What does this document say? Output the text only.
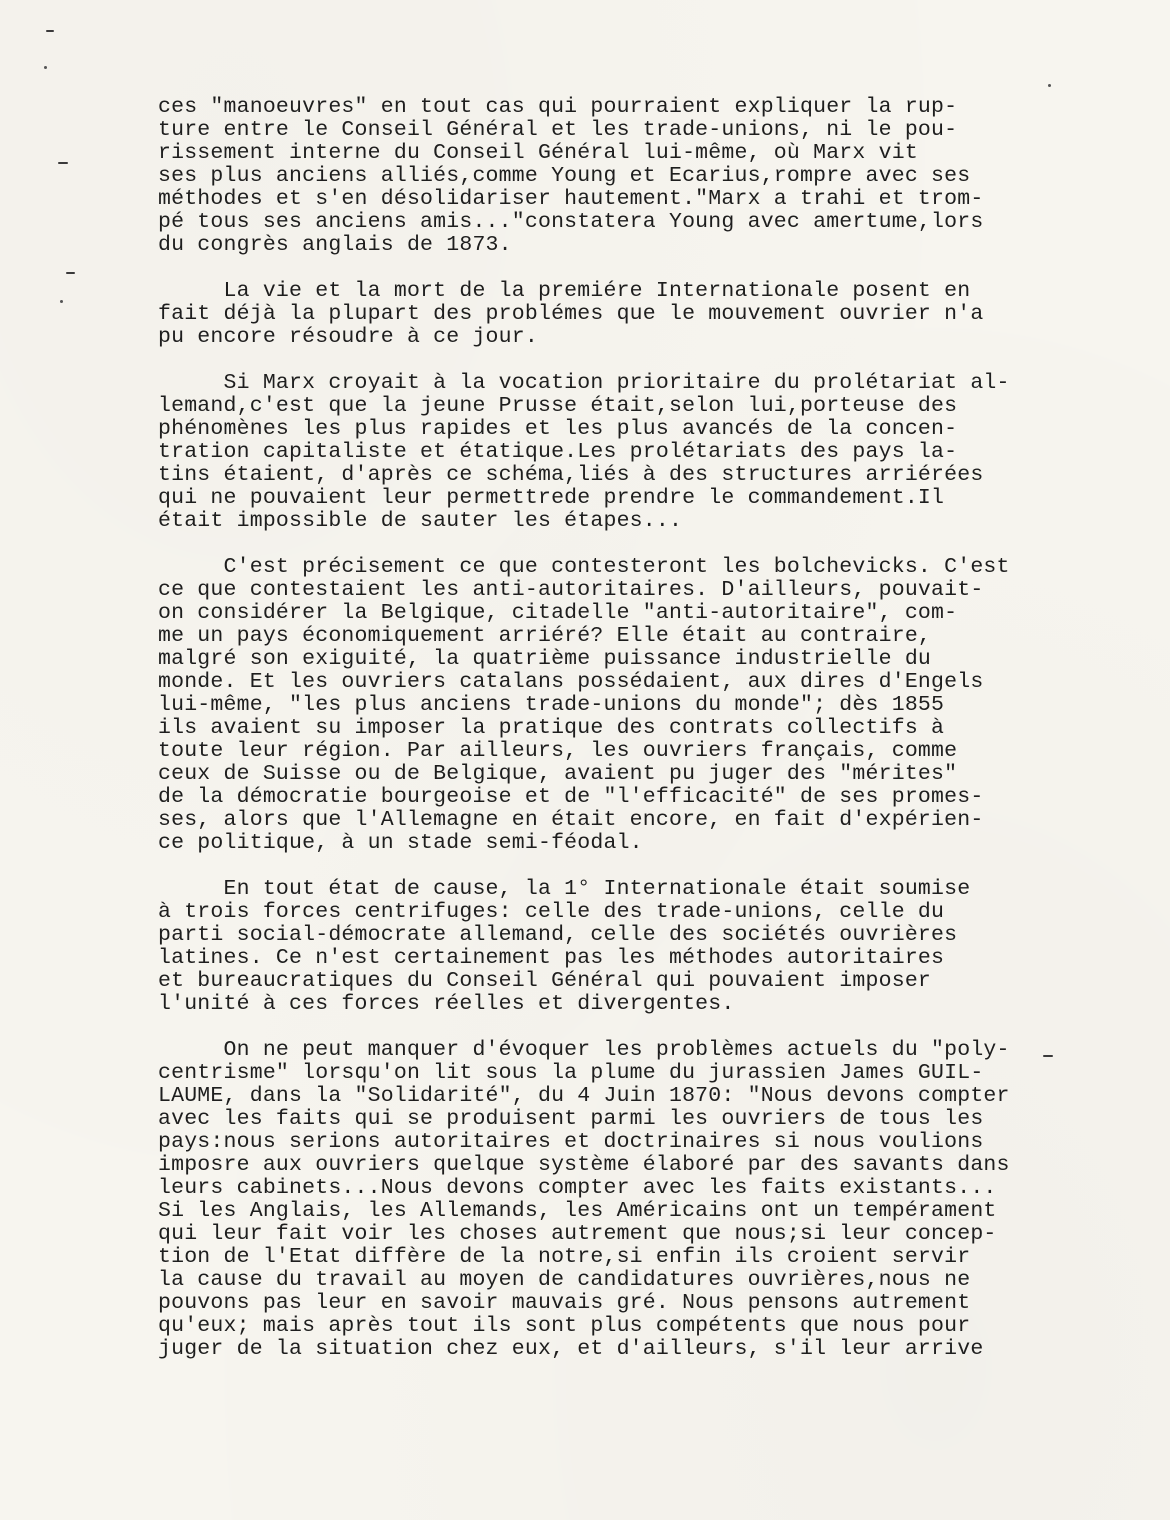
ces "manoeuvres" en tout cas qui pourraient expliquer la rup-
ture entre le Conseil Général et les trade-unions, ni le pou-
rissement interne du Conseil Général lui-même, où Marx vit
ses plus anciens alliés,comme Young et Ecarius,rompre avec ses
méthodes et s'en désolidariser hautement."Marx a trahi et trom-
pé tous ses anciens amis..."constatera Young avec amertume,lors
du congrès anglais de 1873.
La vie et la mort de la premiére Internationale posent en
fait déjà la plupart des problémes que le mouvement ouvrier n'a
pu encore résoudre à ce jour.
Si Marx croyait à la vocation prioritaire du prolétariat al-
lemand,c'est que la jeune Prusse était,selon lui,porteuse des
phénomènes les plus rapides et les plus avancés de la concen-
tration capitaliste et étatique.Les prolétariats des pays la-
tins étaient, d'après ce schéma,liés à des structures arriérées
qui ne pouvaient leur permettrede prendre le commandement.Il
était impossible de sauter les étapes...
C'est précisement ce que contesteront les bolchevicks. C'est
ce que contestaient les anti-autoritaires. D'ailleurs, pouvait-
on considérer la Belgique, citadelle "anti-autoritaire", com-
me un pays économiquement arriéré? Elle était au contraire,
malgré son exiguité, la quatrième puissance industrielle du
monde. Et les ouvriers catalans possédaient, aux dires d'Engels
lui-même, "les plus anciens trade-unions du monde"; dès 1855
ils avaient su imposer la pratique des contrats collectifs à
toute leur région. Par ailleurs, les ouvriers français, comme
ceux de Suisse ou de Belgique, avaient pu juger des "mérites"
de la démocratie bourgeoise et de "l'efficacité" de ses promes-
ses, alors que l'Allemagne en était encore, en fait d'expérien-
ce politique, à un stade semi-féodal.
En tout état de cause, la 1° Internationale était soumise
à trois forces centrifuges: celle des trade-unions, celle du
parti social-démocrate allemand, celle des sociétés ouvrières
latines. Ce n'est certainement pas les méthodes autoritaires
et bureaucratiques du Conseil Général qui pouvaient imposer
l'unité à ces forces réelles et divergentes.
On ne peut manquer d'évoquer les problèmes actuels du "poly-
centrisme" lorsqu'on lit sous la plume du jurassien James GUIL-
LAUME, dans la "Solidarité", du 4 Juin 1870: "Nous devons compter
avec les faits qui se produisent parmi les ouvriers de tous les
pays:nous serions autoritaires et doctrinaires si nous voulions
imposre aux ouvriers quelque système élaboré par des savants dans
leurs cabinets...Nous devons compter avec les faits existants...
Si les Anglais, les Allemands, les Américains ont un tempérament
qui leur fait voir les choses autrement que nous;si leur concep-
tion de l'Etat diffère de la notre,si enfin ils croient servir
la cause du travail au moyen de candidatures ouvrières,nous ne
pouvons pas leur en savoir mauvais gré. Nous pensons autrement
qu'eux; mais après tout ils sont plus compétents que nous pour
juger de la situation chez eux, et d'ailleurs, s'il leur arrive
